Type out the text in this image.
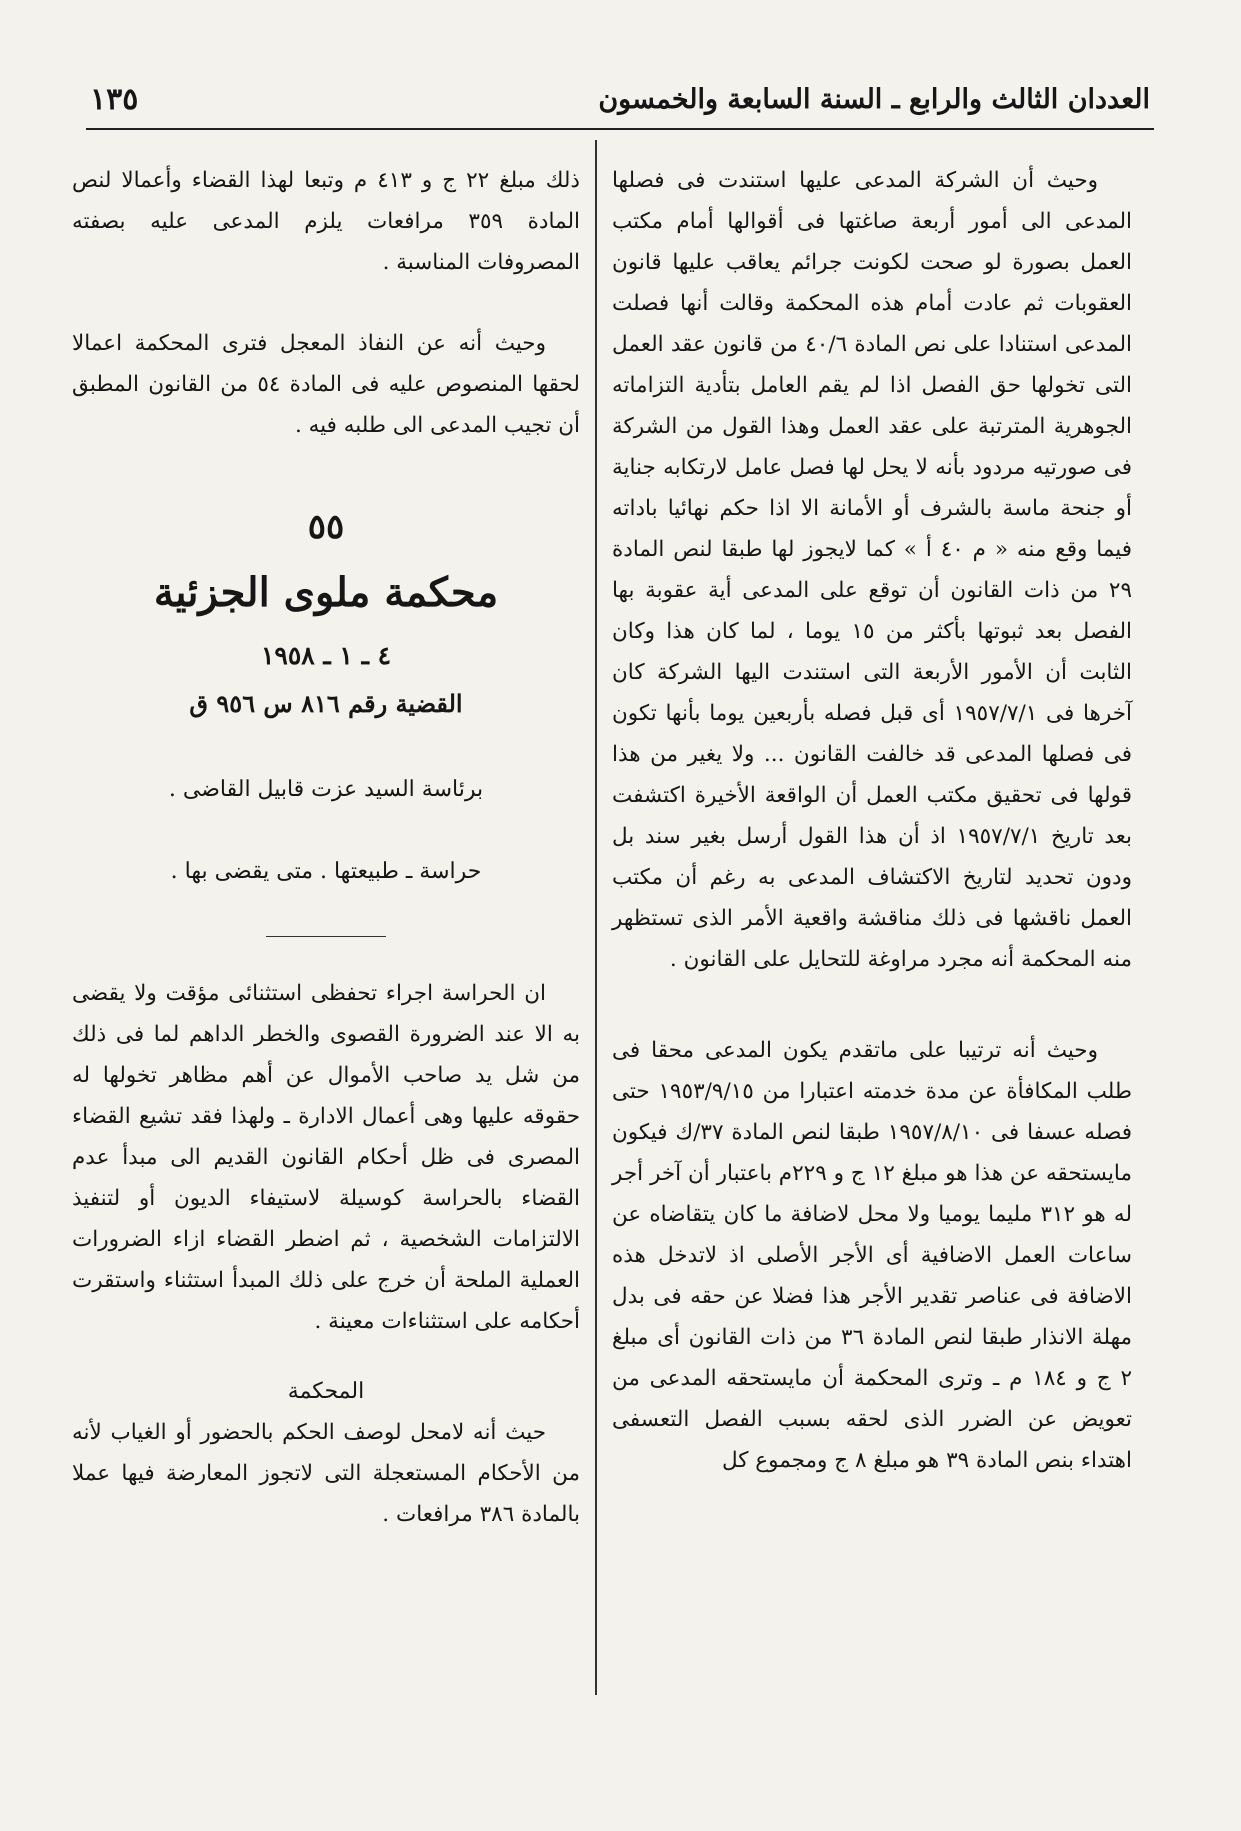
العددان الثالث والرابع ـ السنة السابعة والخمسون
١٣٥

وحيث أن الشركة المدعى عليها استندت فى فصلها المدعى الى أمور أربعة صاغتها فى أقوالها أمام مكتب العمل بصورة لو صحت لكونت جرائم يعاقب عليها قانون العقوبات ثم عادت أمام هذه المحكمة وقالت أنها فصلت المدعى استنادا على نص المادة ٤٠/٦ من قانون عقد العمل التى تخولها حق الفصل اذا لم يقم العامل بتأدية التزاماته الجوهرية المترتبة على عقد العمل وهذا القول من الشركة فى صورتيه مردود بأنه لا يحل لها فصل عامل لارتكابه جناية أو جنحة ماسة بالشرف أو الأمانة الا اذا حكم نهائيا باداته فيما وقع منه « م ٤٠ أ » كما لايجوز لها طبقا لنص المادة ٢٩ من ذات القانون أن توقع على المدعى أية عقوبة بها الفصل بعد ثبوتها بأكثر من ١٥ يوما ، لما كان هذا وكان الثابت أن الأمور الأربعة التى استندت اليها الشركة كان آخرها فى ١٩٥٧/٧/١ أى قبل فصله بأربعين يوما بأنها تكون فى فصلها المدعى قد خالفت القانون ... ولا يغير من هذا قولها فى تحقيق مكتب العمل أن الواقعة الأخيرة اكتشفت بعد تاريخ ١٩٥٧/٧/١ اذ أن هذا القول أرسل بغير سند بل ودون تحديد لتاريخ الاكتشاف المدعى به رغم أن مكتب العمل ناقشها فى ذلك مناقشة واقعية الأمر الذى تستظهر منه المحكمة أنه مجرد مراوغة للتحايل على القانون .

وحيث أنه ترتيبا على ماتقدم يكون المدعى محقا فى طلب المكافأة عن مدة خدمته اعتبارا من ١٩٥٣/٩/١٥ حتى فصله عسفا فى ١٩٥٧/٨/١٠ طبقا لنص المادة ٣٧/ك فيكون مايستحقه عن هذا هو مبلغ ١٢ ج و ٢٢٩م باعتبار أن آخر أجر له هو ٣١٢ مليما يوميا ولا محل لاضافة ما كان يتقاضاه عن ساعات العمل الاضافية أى الأجر الأصلى اذ لاتدخل هذه الاضافة فى عناصر تقدير الأجر هذا فضلا عن حقه فى بدل مهلة الانذار طبقا لنص المادة ٣٦ من ذات القانون أى مبلغ ٢ ج و ١٨٤ م ـ وترى المحكمة أن مايستحقه المدعى من تعويض عن الضرر الذى لحقه بسبب الفصل التعسفى اهتداء بنص المادة ٣٩ هو مبلغ ٨ ج ومجموع كل

ذلك مبلغ ٢٢ ج و ٤١٣ م وتبعا لهذا القضاء وأعمالا لنص المادة ٣٥٩ مرافعات يلزم المدعى عليه بصفته المصروفات المناسبة .

وحيث أنه عن النفاذ المعجل فترى المحكمة اعمالا لحقها المنصوص عليه فى المادة ٥٤ من القانون المطبق أن تجيب المدعى الى طلبه فيه .

٥٥
محكمة ملوى الجزئية
٤ ـ ١ ـ ١٩٥٨
القضية رقم ٨١٦ س ٩٥٦ ق
برئاسة السيد عزت قابيل القاضى .
حراسة ـ طبيعتها . متى يقضى بها .

ان الحراسة اجراء تحفظى استثنائى مؤقت ولا يقضى به الا عند الضرورة القصوى والخطر الداهم لما فى ذلك من شل يد صاحب الأموال عن أهم مظاهر تخولها له حقوقه عليها وهى أعمال الادارة ـ ولهذا فقد تشيع القضاء المصرى فى ظل أحكام القانون القديم الى مبدأ عدم القضاء بالحراسة كوسيلة لاستيفاء الديون أو لتنفيذ الالتزامات الشخصية ، ثم اضطر القضاء ازاء الضرورات العملية الملحة أن خرج على ذلك المبدأ استثناء واستقرت أحكامه على استثناءات معينة .

المحكمة

حيث أنه لامحل لوصف الحكم بالحضور أو الغياب لأنه من الأحكام المستعجلة التى لاتجوز المعارضة فيها عملا بالمادة ٣٨٦ مرافعات .
